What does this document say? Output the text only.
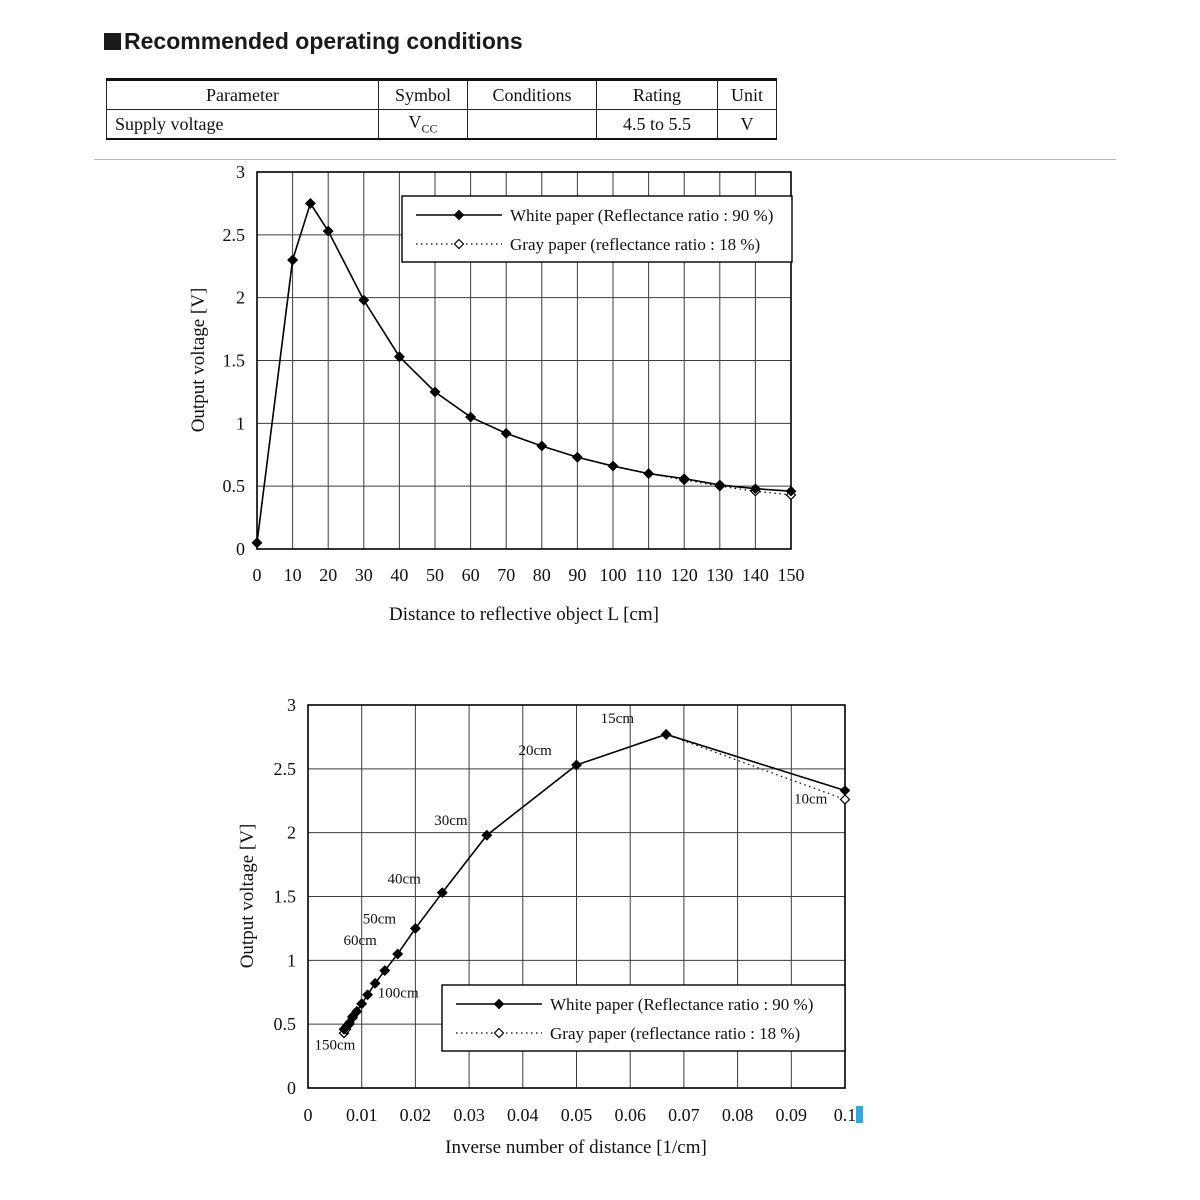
Recommended operating conditions
Parameter	Symbol	Conditions	Rating	Unit
Supply voltage	$V_{CC}$		4.5 to 5.5	V
0 10 20 30 40 50 60 70 80 90 100 110 120 130 140 150
0
0.5
1
1.5
2
2.5
3
Distance to reflective object L [cm]
Output voltage [V]
White paper (Reflectance ratio : 90 %)
Gray paper (reflectance ratio : 18 %)
0 0.01 0.02 0.03 0.04 0.05 0.06 0.07 0.08 0.09 0.1
0
0.5
1
1.5
2
2.5
3
Inverse number of distance [1/cm]
Output voltage [V]
15cm
20cm
30cm
40cm
50cm
60cm
100cm
150cm
10cm
White paper (Reflectance ratio : 90 %)
Gray paper (reflectance ratio : 18 %)
